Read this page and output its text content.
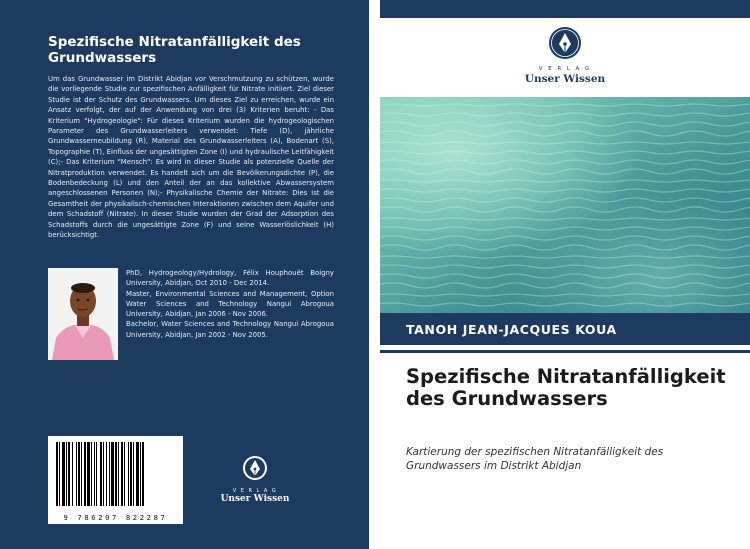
Spezifische Nitratanfälligkeit des Grundwassers

Um das Grundwasser im Distrikt Abidjan vor Verschmutzung zu schützen, wurde die vorliegende Studie zur spezifischen Anfälligkeit für Nitrate initiiert. Ziel dieser Studie ist der Schutz des Grundwassers. Um dieses Ziel zu erreichen, wurde ein Ansatz verfolgt, der auf der Anwendung von drei (3) Kriterien beruht: - Das Kriterium "Hydrogeologie": Für dieses Kriterium wurden die hydrogeologischen Parameter des Grundwasserleiters verwendet: Tiefe (D), jährliche Grundwasserneubildung (R), Material des Grundwasserleiters (A), Bodenart (S), Topographie (T), Einfluss der ungesättigten Zone (I) und hydraulische Leitfähigkeit (C);- Das Kriterium "Mensch": Es wird in dieser Studie als potenzielle Quelle der Nitratproduktion verwendet. Es handelt sich um die Bevölkerungsdichte (P), die Bodenbedeckung (L) und den Anteil der an das kollektive Abwassersystem angeschlossenen Personen (N);- Physikalische Chemie der Nitrate: Dies ist die Gesamtheit der physikalisch-chemischen Interaktionen zwischen dem Aquifer und dem Schadstoff (Nitrate). In dieser Studie wurden der Grad der Adsorption des Schadstoffs durch die ungesättigte Zone (F) und seine Wasserlöslichkeit (H) berücksichtigt.

PhD, Hydrogeology/Hydrology, Félix Houphouët Boigny University, Abidjan, Oct 2010 - Dec 2014.

Master, Environmental Sciences and Management, Option Water Sciences and Technology Nangui Abrogoua University, Abidjan, Jan 2006 - Nov 2006.

Bachelor, Water Sciences and Technology Nangui Abrogoua University, Abidjan, Jan 2002 - Nov 2005.

9 786207 822287
V E R L A G
Unser Wissen
V E R L A G
Unser Wissen

TANOH JEAN-JACQUES KOUA

Spezifische Nitratanfälligkeit des Grundwassers

Kartierung der spezifischen Nitratanfälligkeit des Grundwassers im Distrikt Abidjan
